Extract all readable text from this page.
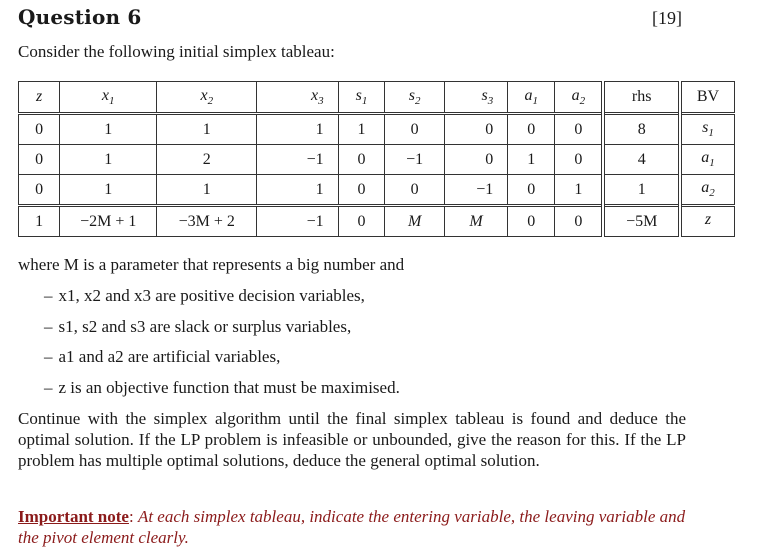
Question 6	[19]
Consider the following initial simplex tableau:
z	$x_1$	$x_2$	$x_3$	$s_1$	$s_2$	$s_3$	$a_1$	$a_2$	rhs	BV
0	1	1	1	1	0	0	0	0	8	$s_1$
0	1	2	−1	0	−1	0	1	0	4	$a_1$
0	1	1	1	0	0	−1	0	1	1	$a_2$
1	−2M + 1	−3M + 2	−1	0	M	M	0	0	−5M	z
where M is a parameter that represents a big number and
– x1, x2 and x3 are positive decision variables,
– s1, s2 and s3 are slack or surplus variables,
– a1 and a2 are artificial variables,
– z is an objective function that must be maximised.
Continue with the simplex algorithm until the final simplex tableau is found and deduce the optimal solution. If the LP problem is infeasible or unbounded, give the reason for this. If the LP problem has multiple optimal solutions, deduce the general optimal solution.
Important note: At each simplex tableau, indicate the entering variable, the leaving variable and the pivot element clearly.
